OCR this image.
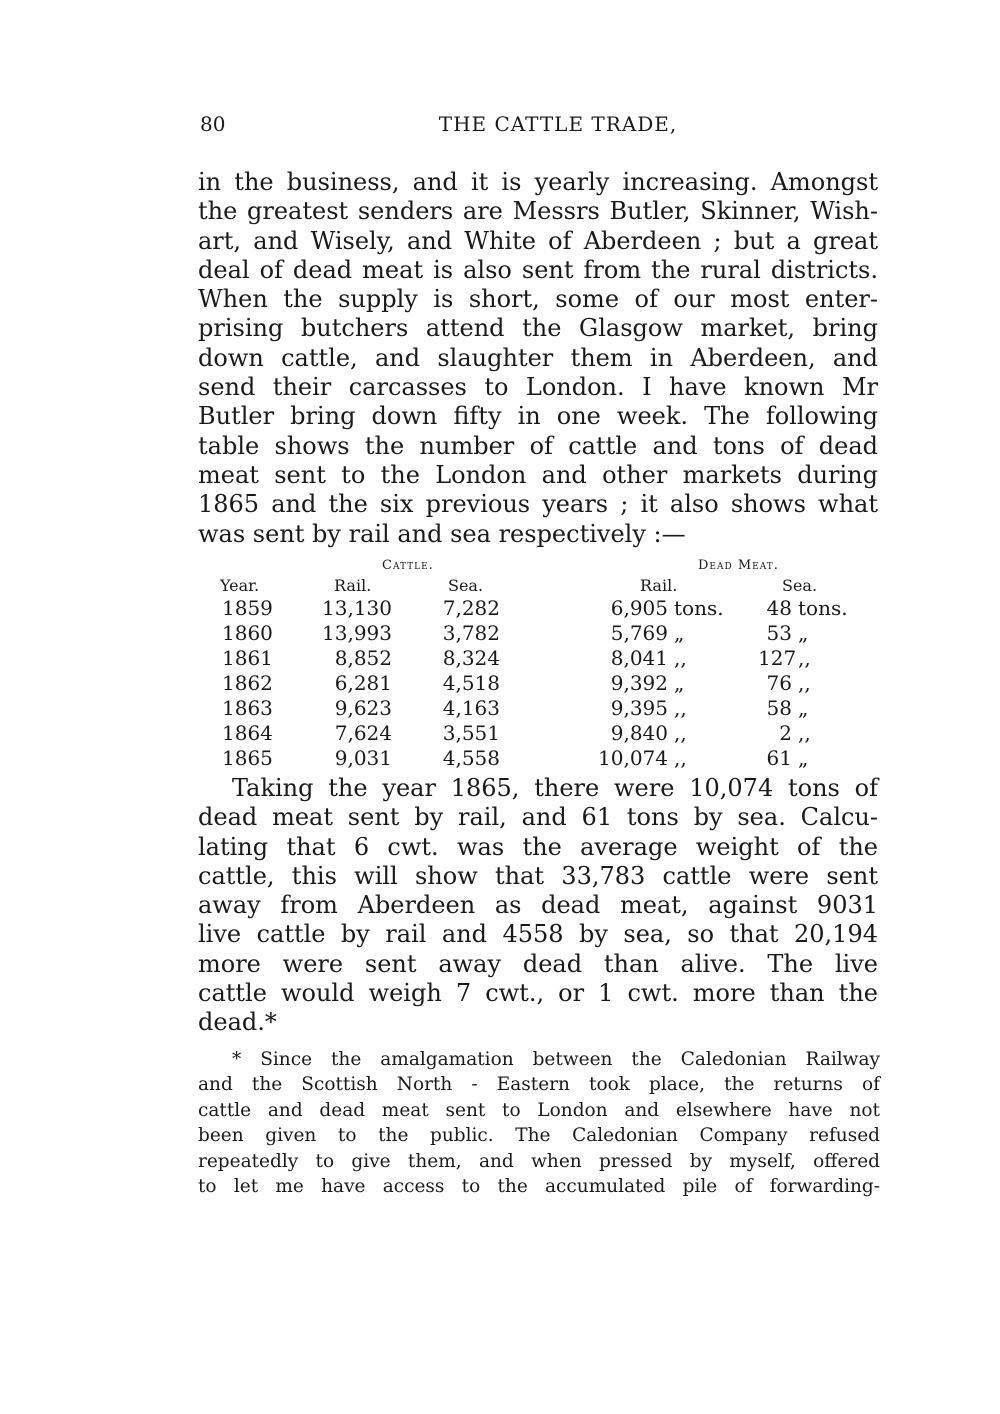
80	THE CATTLE TRADE,

in the business, and it is yearly increasing. Amongst
the greatest senders are Messrs Butler, Skinner, Wish-
art, and Wisely, and White of Aberdeen ; but a great
deal of dead meat is also sent from the rural districts.
When the supply is short, some of our most enter-
prising butchers attend the Glasgow market, bring
down cattle, and slaughter them in Aberdeen, and
send their carcasses to London. I have known Mr
Butler bring down fifty in one week. The following
table shows the number of cattle and tons of dead
meat sent to the London and other markets during
1865 and the six previous years ; it also shows what
was sent by rail and sea respectively :—

Cattle.	Dead Meat.
Year.	Rail.	Sea.	Rail.	Sea.
1859 13,130	7,282	6,905 tons.	48 tons.
1860 13,993	3,782	5,769 „	53 „
1861	8,852	8,324	8,041 ,,	127 ,,
1862	6,281	4,518	9,392 „	76 ,,
1863	9,623	4,163	9,395 ,,	58 „
1864	7,624	3,551	9,840 ,,	2 ,,
1865	9,031	4,558	10,074 ,,	61 „

Taking the year 1865, there were 10,074 tons of
dead meat sent by rail, and 61 tons by sea. Calcu-
lating that 6 cwt. was the average weight of the
cattle, this will show that 33,783 cattle were sent
away from Aberdeen as dead meat, against 9031
live cattle by rail and 4558 by sea, so that 20,194
more were sent away dead than alive. The live
cattle would weigh 7 cwt., or 1 cwt. more than the
dead.*

* Since the amalgamation between the Caledonian Railway
and the Scottish North - Eastern took place, the returns of
cattle and dead meat sent to London and elsewhere have not
been given to the public. The Caledonian Company refused
repeatedly to give them, and when pressed by myself, offered
to let me have access to the accumulated pile of forwarding-
